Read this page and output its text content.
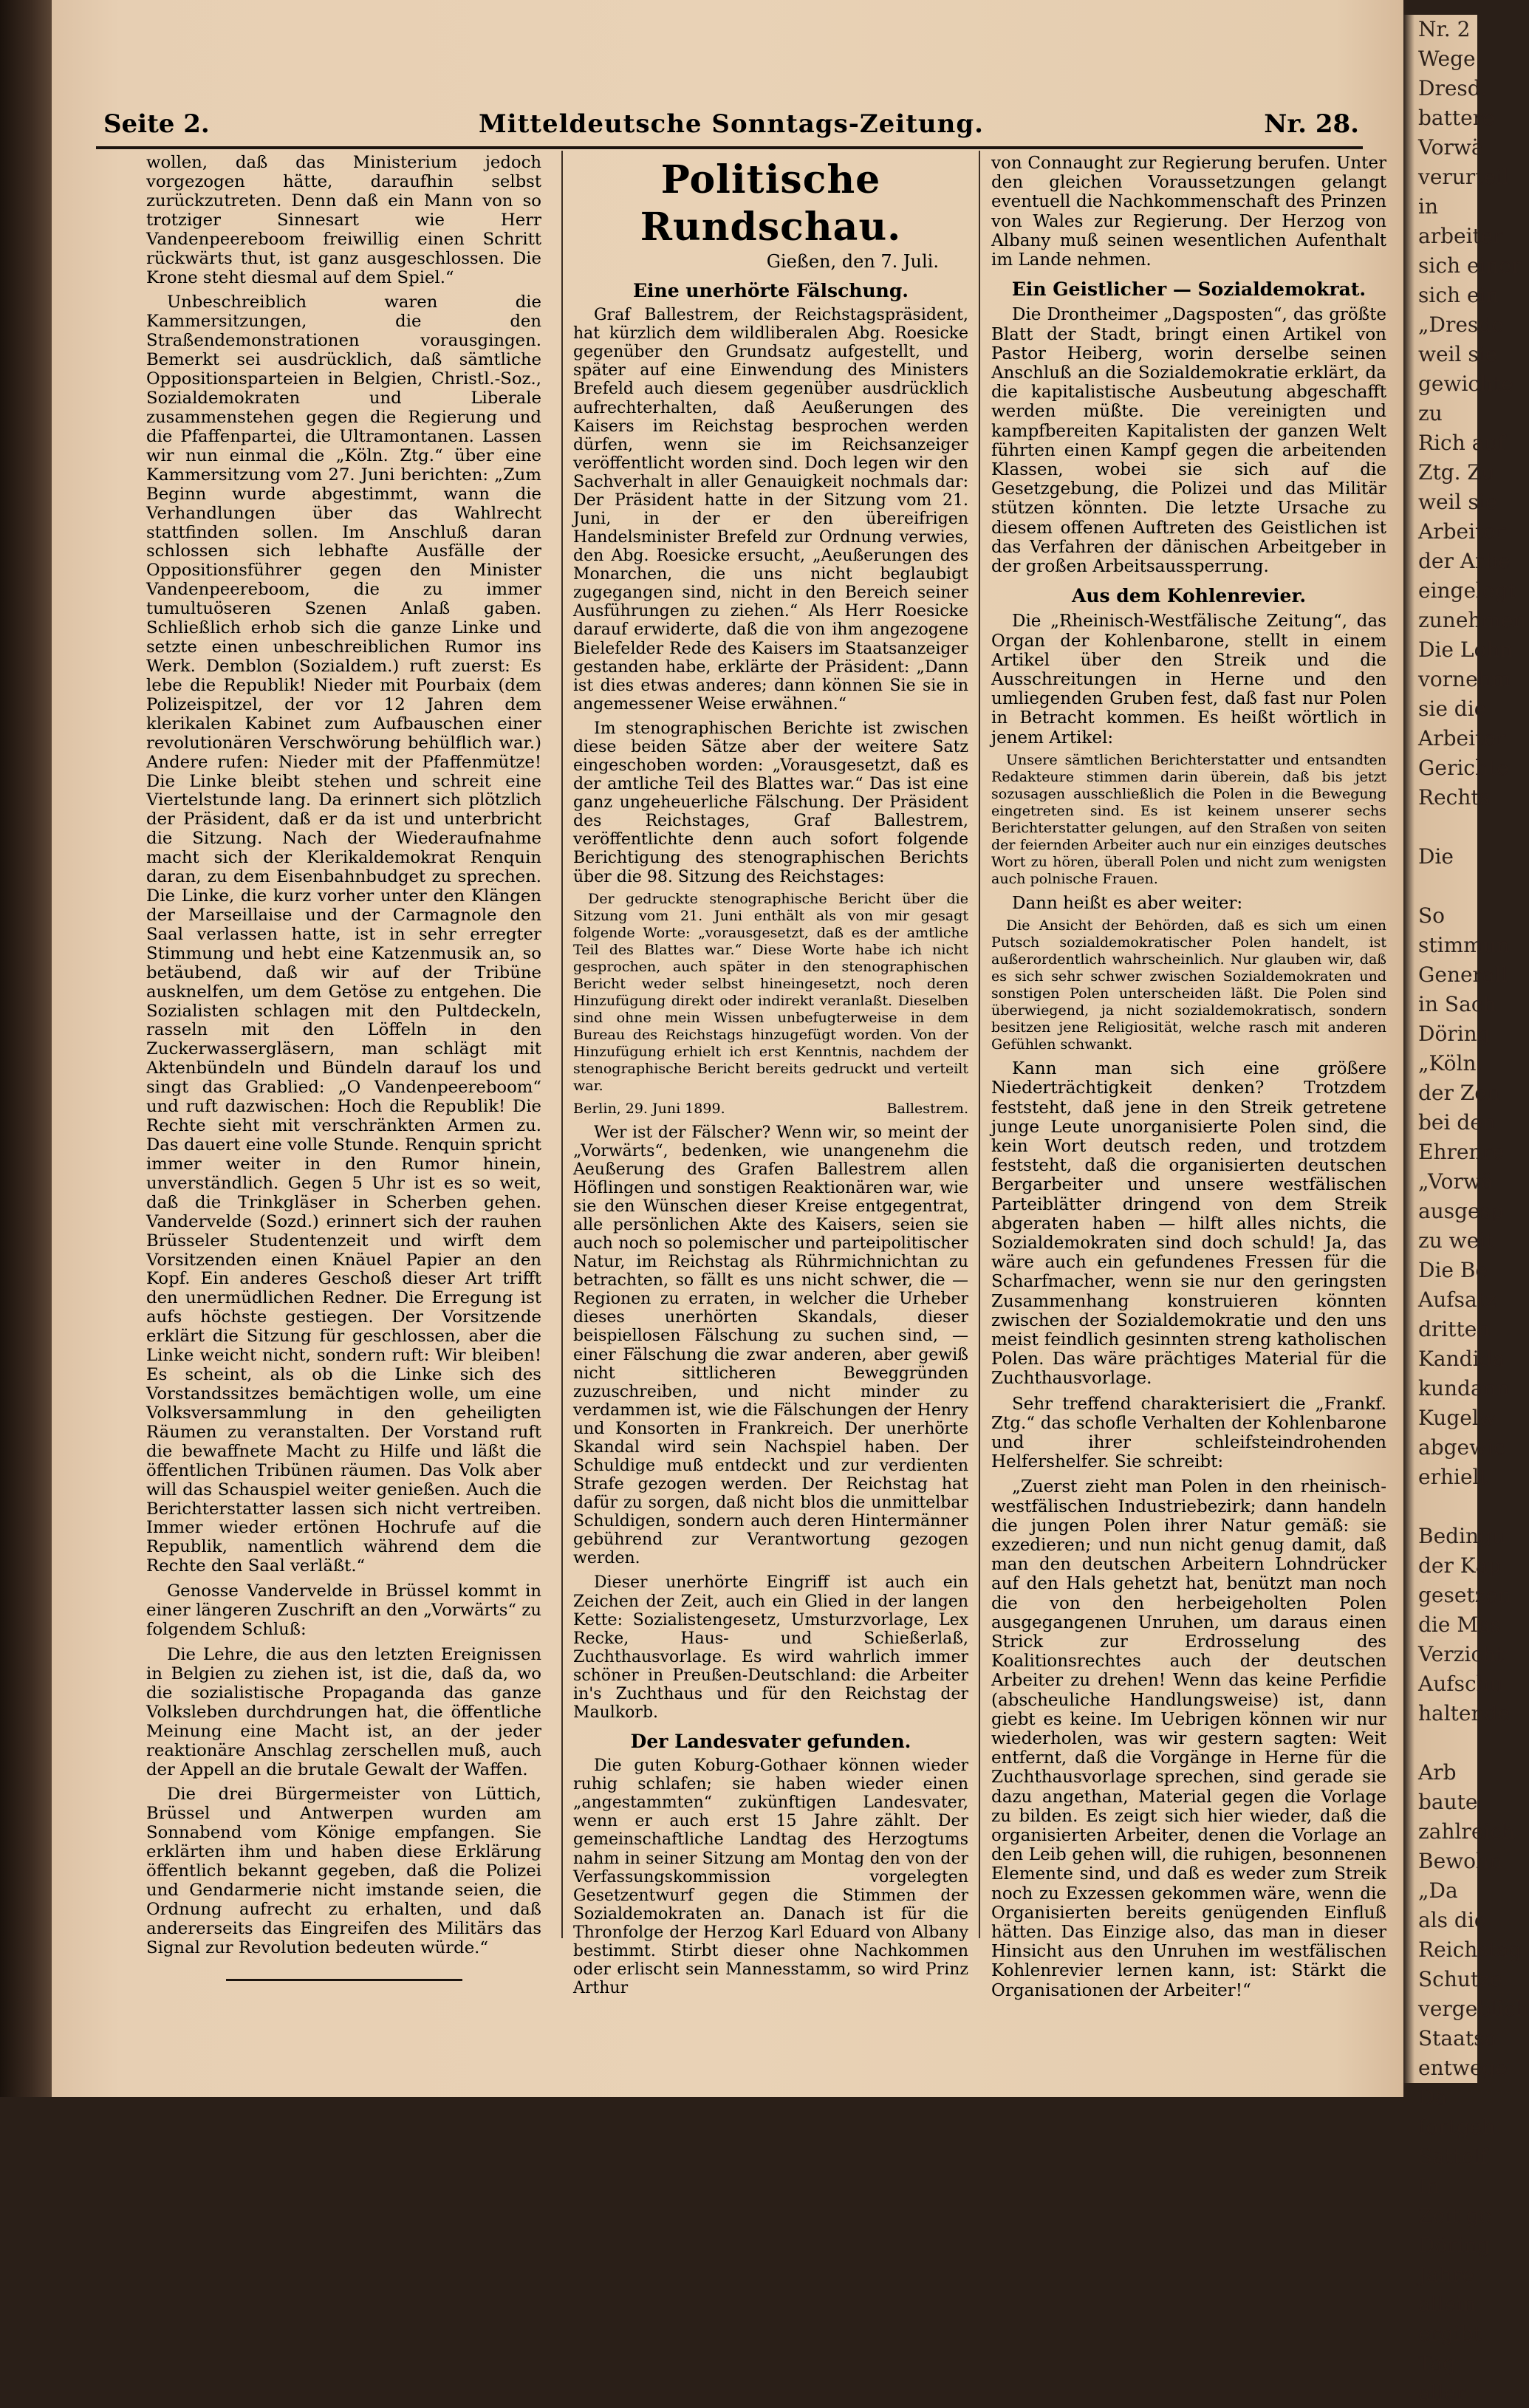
Nr. 2
Wege
Dresd.
battere
Vorwä
verurteil
in
arbeiter
sich einer
sich ein
„Dresde
weil sie
gewichte
zu
Rich auf
Ztg. Zu
weil sie
Arbeiter
der Arbe
eingelegt
zunehmen
Die Lohn
vornehm
sie die
Arbeiter
Gerichte
Rechts
Die
So
stimmun
Generall
in Sach
Döring
„Köln.
der Zen
bei den
Ehrenre
„Vorwä
ausgesp
zu weit
Die Be
Aufsatz
dritten
Kandida
kundann
Kugelw
abgewic
erhielt
Bedingu
der Kap
gesetzen
die Mas
Verzicht
Aufschu
haltende
Arb
baute
zahlreich
Bewohn
„Da
als die
Reichstag
Schutze
vergeblich
Staatsa
entwege
Da
fortgeh
Sattelf
In
Zeit ge
Döring
Jahre
allein
ergibt
Tag
aller
Seite 2.	Mitteldeutsche Sonntags-Zeitung.	Nr. 28.

wollen, daß das Ministerium jedoch vorgezogen hätte, daraufhin selbst zurückzutreten. Denn daß ein Mann von so trotziger Sinnesart wie Herr Vandenpeereboom freiwillig einen Schritt rückwärts thut, ist ganz ausgeschlossen. Die Krone steht diesmal auf dem Spiel.“

Unbeschreiblich waren die Kammersitzungen, die den Straßendemonstrationen vorausgingen. Bemerkt sei ausdrücklich, daß sämtliche Oppositionsparteien in Belgien, Christl.-Soz., Sozialdemokraten und Liberale zusammenstehen gegen die Regierung und die Pfaffenpartei, die Ultramontanen. Lassen wir nun einmal die „Köln. Ztg.“ über eine Kammersitzung vom 27. Juni berichten: „Zum Beginn wurde abgestimmt, wann die Verhandlungen über das Wahlrecht stattfinden sollen. Im Anschluß daran schlossen sich lebhafte Ausfälle der Oppositionsführer gegen den Minister Vandenpeereboom, die zu immer tumultuöseren Szenen Anlaß gaben. Schließlich erhob sich die ganze Linke und setzte einen unbeschreiblichen Rumor ins Werk. Demblon (Sozialdem.) ruft zuerst: Es lebe die Republik! Nieder mit Pourbaix (dem Polizeispitzel, der vor 12 Jahren dem klerikalen Kabinet zum Aufbauschen einer revolutionären Verschwörung behülflich war.) Andere rufen: Nieder mit der Pfaffenmütze! Die Linke bleibt stehen und schreit eine Viertelstunde lang. Da erinnert sich plötzlich der Präsident, daß er da ist und unterbricht die Sitzung. Nach der Wiederaufnahme macht sich der Klerikaldemokrat Renquin daran, zu dem Eisenbahnbudget zu sprechen. Die Linke, die kurz vorher unter den Klängen der Marseillaise und der Carmagnole den Saal verlassen hatte, ist in sehr erregter Stimmung und hebt eine Katzenmusik an, so betäubend, daß wir auf der Tribüne ausknelfen, um dem Getöse zu entgehen. Die Sozialisten schlagen mit den Pultdeckeln, rasseln mit den Löffeln in den Zuckerwassergläsern, man schlägt mit Aktenbündeln und Bündeln darauf los und singt das Grablied: „O Vandenpeereboom“ und ruft dazwischen: Hoch die Republik! Die Rechte sieht mit verschränkten Armen zu. Das dauert eine volle Stunde. Renquin spricht immer weiter in den Rumor hinein, unverständlich. Gegen 5 Uhr ist es so weit, daß die Trinkgläser in Scherben gehen. Vandervelde (Sozd.) erinnert sich der rauhen Brüsseler Studentenzeit und wirft dem Vorsitzenden einen Knäuel Papier an den Kopf. Ein anderes Geschoß dieser Art trifft den unermüdlichen Redner. Die Erregung ist aufs höchste gestiegen. Der Vorsitzende erklärt die Sitzung für geschlossen, aber die Linke weicht nicht, sondern ruft: Wir bleiben! Es scheint, als ob die Linke sich des Vorstandssitzes bemächtigen wolle, um eine Volksversammlung in den geheiligten Räumen zu veranstalten. Der Vorstand ruft die bewaffnete Macht zu Hilfe und läßt die öffentlichen Tribünen räumen. Das Volk aber will das Schauspiel weiter genießen. Auch die Berichterstatter lassen sich nicht vertreiben. Immer wieder ertönen Hochrufe auf die Republik, namentlich während dem die Rechte den Saal verläßt.“

Genosse Vandervelde in Brüssel kommt in einer längeren Zuschrift an den „Vorwärts“ zu folgendem Schluß:

Die Lehre, die aus den letzten Ereignissen in Belgien zu ziehen ist, ist die, daß da, wo die sozialistische Propaganda das ganze Volksleben durchdrungen hat, die öffentliche Meinung eine Macht ist, an der jeder reaktionäre Anschlag zerschellen muß, auch der Appell an die brutale Gewalt der Waffen.

Die drei Bürgermeister von Lüttich, Brüssel und Antwerpen wurden am Sonnabend vom Könige empfangen. Sie erklärten ihm und haben diese Erklärung öffentlich bekannt gegeben, daß die Polizei und Gendarmerie nicht imstande seien, die Ordnung aufrecht zu erhalten, und daß andererseits das Eingreifen des Militärs das Signal zur Revolution bedeuten würde.“

Politische Rundschau.

Gießen, den 7. Juli.

Eine unerhörte Fälschung.

Graf Ballestrem, der Reichstagspräsident, hat kürzlich dem wildliberalen Abg. Roesicke gegenüber den Grundsatz aufgestellt, und später auf eine Einwendung des Ministers Brefeld auch diesem gegenüber ausdrücklich aufrechterhalten, daß Aeußerungen des Kaisers im Reichstag besprochen werden dürfen, wenn sie im Reichsanzeiger veröffentlicht worden sind. Doch legen wir den Sachverhalt in aller Genauigkeit nochmals dar: Der Präsident hatte in der Sitzung vom 21. Juni, in der er den übereifrigen Handelsminister Brefeld zur Ordnung verwies, den Abg. Roesicke ersucht, „Aeußerungen des Monarchen, die uns nicht beglaubigt zugegangen sind, nicht in den Bereich seiner Ausführungen zu ziehen.“ Als Herr Roesicke darauf erwiderte, daß die von ihm angezogene Bielefelder Rede des Kaisers im Staatsanzeiger gestanden habe, erklärte der Präsident: „Dann ist dies etwas anderes; dann können Sie sie in angemessener Weise erwähnen.“

Im stenographischen Berichte ist zwischen diese beiden Sätze aber der weitere Satz eingeschoben worden: „Vorausgesetzt, daß es der amtliche Teil des Blattes war.“ Das ist eine ganz ungeheuerliche Fälschung. Der Präsident des Reichstages, Graf Ballestrem, veröffentlichte denn auch sofort folgende Berichtigung des stenographischen Berichts über die 98. Sitzung des Reichstages:

Der gedruckte stenographische Bericht über die Sitzung vom 21. Juni enthält als von mir gesagt folgende Worte: „vorausgesetzt, daß es der amtliche Teil des Blattes war.“ Diese Worte habe ich nicht gesprochen, auch später in den stenographischen Bericht weder selbst hineingesetzt, noch deren Hinzufügung direkt oder indirekt veranlaßt. Dieselben sind ohne mein Wissen unbefugterweise in dem Bureau des Reichstags hinzugefügt worden. Von der Hinzufügung erhielt ich erst Kenntnis, nachdem der stenographische Bericht bereits gedruckt und verteilt war.

Berlin, 29. Juni 1899.	Ballestrem.

Wer ist der Fälscher? Wenn wir, so meint der „Vorwärts“, bedenken, wie unangenehm die Aeußerung des Grafen Ballestrem allen Höflingen und sonstigen Reaktionären war, wie sie den Wünschen dieser Kreise entgegentrat, alle persönlichen Akte des Kaisers, seien sie auch noch so polemischer und parteipolitischer Natur, im Reichstag als Rührmichnichtan zu betrachten, so fällt es uns nicht schwer, die — Regionen zu erraten, in welcher die Urheber dieses unerhörten Skandals, dieser beispiellosen Fälschung zu suchen sind, — einer Fälschung die zwar anderen, aber gewiß nicht sittlicheren Beweggründen zuzuschreiben, und nicht minder zu verdammen ist, wie die Fälschungen der Henry und Konsorten in Frankreich. Der unerhörte Skandal wird sein Nachspiel haben. Der Schuldige muß entdeckt und zur verdienten Strafe gezogen werden. Der Reichstag hat dafür zu sorgen, daß nicht blos die unmittelbar Schuldigen, sondern auch deren Hintermänner gebührend zur Verantwortung gezogen werden.

Dieser unerhörte Eingriff ist auch ein Zeichen der Zeit, auch ein Glied in der langen Kette: Sozialistengesetz, Umsturzvorlage, Lex Recke, Haus- und Schießerlaß, Zuchthausvorlage. Es wird wahrlich immer schöner in Preußen-Deutschland: die Arbeiter in's Zuchthaus und für den Reichstag der Maulkorb.

Der Landesvater gefunden.

Die guten Koburg-Gothaer können wieder ruhig schlafen; sie haben wieder einen „angestammten“ zukünftigen Landesvater, wenn er auch erst 15 Jahre zählt. Der gemeinschaftliche Landtag des Herzogtums nahm in seiner Sitzung am Montag den von der Verfassungskommission vorgelegten Gesetzentwurf gegen die Stimmen der Sozialdemokraten an. Danach ist für die Thronfolge der Herzog Karl Eduard von Albany bestimmt. Stirbt dieser ohne Nachkommen oder erlischt sein Mannesstamm, so wird Prinz Arthur

von Connaught zur Regierung berufen. Unter den gleichen Voraussetzungen gelangt eventuell die Nachkommenschaft des Prinzen von Wales zur Regierung. Der Herzog von Albany muß seinen wesentlichen Aufenthalt im Lande nehmen.

Ein Geistlicher — Sozialdemokrat.

Die Drontheimer „Dagsposten“, das größte Blatt der Stadt, bringt einen Artikel von Pastor Heiberg, worin derselbe seinen Anschluß an die Sozialdemokratie erklärt, da die kapitalistische Ausbeutung abgeschafft werden müßte. Die vereinigten und kampfbereiten Kapitalisten der ganzen Welt führten einen Kampf gegen die arbeitenden Klassen, wobei sie sich auf die Gesetzgebung, die Polizei und das Militär stützen könnten. Die letzte Ursache zu diesem offenen Auftreten des Geistlichen ist das Verfahren der dänischen Arbeitgeber in der großen Arbeitsaussperrung.

Aus dem Kohlenrevier.

Die „Rheinisch-Westfälische Zeitung“, das Organ der Kohlenbarone, stellt in einem Artikel über den Streik und die Ausschreitungen in Herne und den umliegenden Gruben fest, daß fast nur Polen in Betracht kommen. Es heißt wörtlich in jenem Artikel:

Unsere sämtlichen Berichterstatter und entsandten Redakteure stimmen darin überein, daß bis jetzt sozusagen ausschließlich die Polen in die Bewegung eingetreten sind. Es ist keinem unserer sechs Berichterstatter gelungen, auf den Straßen von seiten der feiernden Arbeiter auch nur ein einziges deutsches Wort zu hören, überall Polen und nicht zum wenigsten auch polnische Frauen.

Dann heißt es aber weiter:

Die Ansicht der Behörden, daß es sich um einen Putsch sozialdemokratischer Polen handelt, ist außerordentlich wahrscheinlich. Nur glauben wir, daß es sich sehr schwer zwischen Sozialdemokraten und sonstigen Polen unterscheiden läßt. Die Polen sind überwiegend, ja nicht sozialdemokratisch, sondern besitzen jene Religiosität, welche rasch mit anderen Gefühlen schwankt.

Kann man sich eine größere Niederträchtigkeit denken? Trotzdem feststeht, daß jene in den Streik getretene junge Leute unorganisierte Polen sind, die kein Wort deutsch reden, und trotzdem feststeht, daß die organisierten deutschen Bergarbeiter und unsere westfälischen Parteiblätter dringend von dem Streik abgeraten haben — hilft alles nichts, die Sozialdemokraten sind doch schuld! Ja, das wäre auch ein gefundenes Fressen für die Scharfmacher, wenn sie nur den geringsten Zusammenhang konstruieren könnten zwischen der Sozialdemokratie und den uns meist feindlich gesinnten streng katholischen Polen. Das wäre prächtiges Material für die Zuchthausvorlage.

Sehr treffend charakterisiert die „Frankf. Ztg.“ das schofle Verhalten der Kohlenbarone und ihrer schleifsteindrohenden Helfershelfer. Sie schreibt:

„Zuerst zieht man Polen in den rheinisch-westfälischen Industriebezirk; dann handeln die jungen Polen ihrer Natur gemäß: sie exzedieren; und nun nicht genug damit, daß man den deutschen Arbeitern Lohndrücker auf den Hals gehetzt hat, benützt man noch die von den herbeigeholten Polen ausgegangenen Unruhen, um daraus einen Strick zur Erdrosselung des Koalitionsrechtes auch der deutschen Arbeiter zu drehen! Wenn das keine Perfidie (abscheuliche Handlungsweise) ist, dann giebt es keine. Im Uebrigen können wir nur wiederholen, was wir gestern sagten: Weit entfernt, daß die Vorgänge in Herne für die Zuchthausvorlage sprechen, sind gerade sie dazu angethan, Material gegen die Vorlage zu bilden. Es zeigt sich hier wieder, daß die organisierten Arbeiter, denen die Vorlage an den Leib gehen will, die ruhigen, besonnenen Elemente sind, und daß es weder zum Streik noch zu Exzessen gekommen wäre, wenn die Organisierten bereits genügenden Einfluß hätten. Das Einzige also, das man in dieser Hinsicht aus den Unruhen im westfälischen Kohlenrevier lernen kann, ist: Stärkt die Organisationen der Arbeiter!“
